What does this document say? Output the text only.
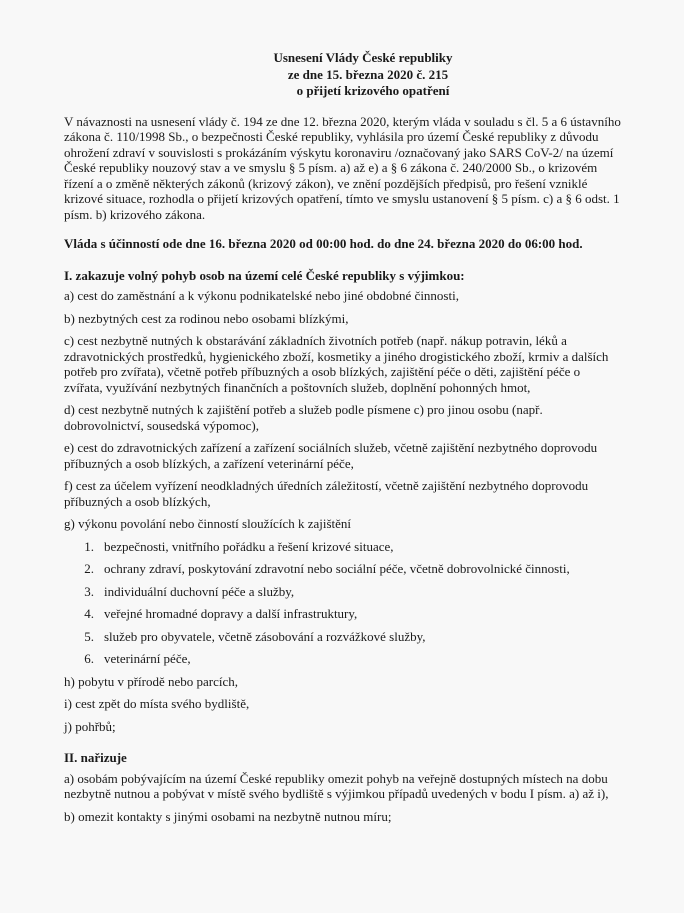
Usnesení Vlády České republiky
ze dne 15. března 2020 č. 215
o přijetí krizového opatření
V návaznosti na usnesení vlády č. 194 ze dne 12. března 2020, kterým vláda v souladu s čl. 5 a 6 ústavního zákona č. 110/1998 Sb., o bezpečnosti České republiky, vyhlásila pro území České republiky z důvodu ohrožení zdraví v souvislosti s prokázáním výskytu koronaviru /označovaný jako SARS CoV-2/ na území České republiky nouzový stav a ve smyslu § 5 písm. a) až e) a § 6 zákona č. 240/2000 Sb., o krizovém řízení a o změně některých zákonů (krizový zákon), ve znění pozdějších předpisů, pro řešení vzniklé krizové situace, rozhodla o přijetí krizových opatření, tímto ve smyslu ustanovení § 5 písm. c) a § 6 odst. 1 písm. b) krizového zákona.
Vláda s účinností ode dne 16. března 2020 od 00:00 hod. do dne 24. března 2020 do 06:00 hod.
I. zakazuje volný pohyb osob na území celé České republiky s výjimkou:
a) cest do zaměstnání a k výkonu podnikatelské nebo jiné obdobné činnosti,
b) nezbytných cest za rodinou nebo osobami blízkými,
c) cest nezbytně nutných k obstarávání základních životních potřeb (např. nákup potravin, léků a zdravotnických prostředků, hygienického zboží, kosmetiky a jiného drogistického zboží, krmiv a dalších potřeb pro zvířata), včetně potřeb příbuzných a osob blízkých, zajištění péče o děti, zajištění péče o zvířata, využívání nezbytných finančních a poštovních služeb, doplnění pohonných hmot,
d) cest nezbytně nutných k zajištění potřeb a služeb podle písmene c) pro jinou osobu (např. dobrovolnictví, sousedská výpomoc),
e) cest do zdravotnických zařízení a zařízení sociálních služeb, včetně zajištění nezbytného doprovodu příbuzných a osob blízkých, a zařízení veterinární péče,
f) cest za účelem vyřízení neodkladných úředních záležitostí, včetně zajištění nezbytného doprovodu příbuzných a osob blízkých,
g) výkonu povolání nebo činností sloužících k zajištění
1. bezpečnosti, vnitřního pořádku a řešení krizové situace,
2. ochrany zdraví, poskytování zdravotní nebo sociální péče, včetně dobrovolnické činnosti,
3. individuální duchovní péče a služby,
4. veřejné hromadné dopravy a další infrastruktury,
5. služeb pro obyvatele, včetně zásobování a rozvážkové služby,
6. veterinární péče,
h) pobytu v přírodě nebo parcích,
i) cest zpět do místa svého bydliště,
j) pohřbů;
II. nařizuje
a) osobám pobývajícím na území České republiky omezit pohyb na veřejně dostupných místech na dobu nezbytně nutnou a pobývat v místě svého bydliště s výjimkou případů uvedených v bodu I písm. a) až i),
b) omezit kontakty s jinými osobami na nezbytně nutnou míru;
